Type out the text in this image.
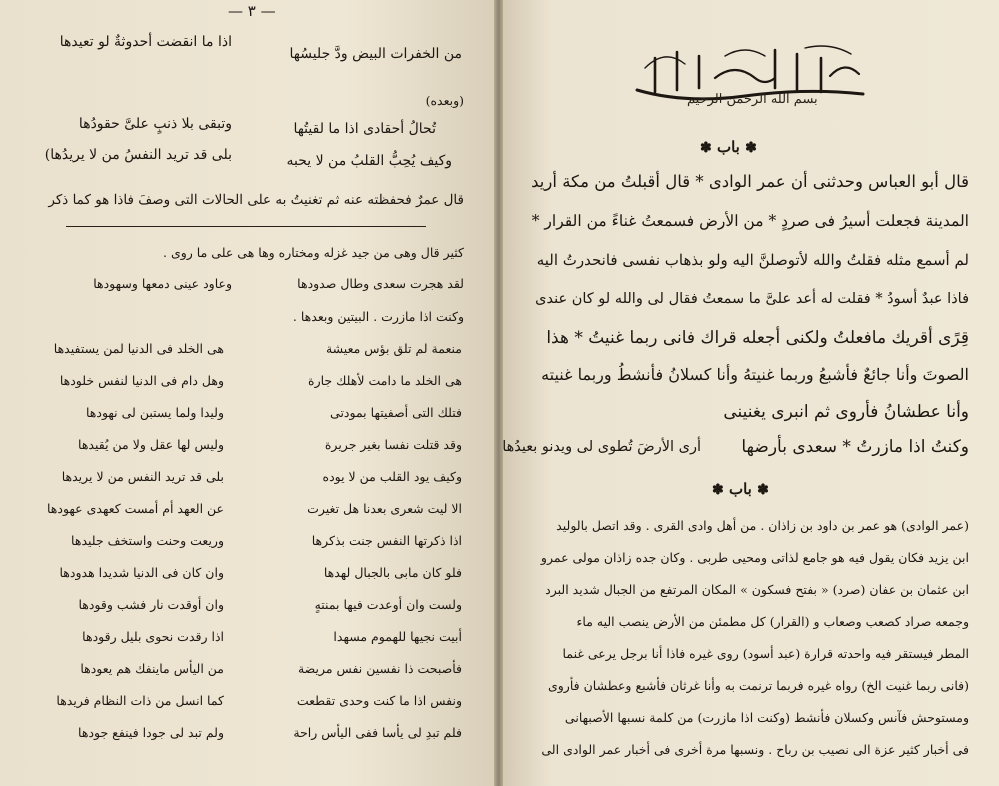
— ٣ —
من الخفرات البيض ودَّ جليسُها
اذا ما انقضت أحدوثةٌ لو تعيدها
(وبعده)
تُحالُ أحقادى اذا ما لقيتُها
وتبقى بلا ذنبٍ علىَّ حقودُها
وكيف يُحِبُّ القلبُ من لا يحبه
بلى قد تريد النفسُ من لا يريدُها)
قال عمرٌ فحفظته عنه ثم تغنيتُ به على الحالات التى وصفَ فاذا هو كما ذكر
كثير قال وهى من جيد غزله ومختاره وها هى على ما روى .
لقد هجرت سعدى وطال صدودها
وعاود عينى دمعها وسهودها
وكنت اذا مازرت . البيتين وبعدها .
منعمة لم تلق بؤس معيشة
هى الخلد ما دامت لأهلك جارة
فتلك التى أصفيتها بمودتى
وقد قتلت نفسا بغير جريرة
وكيف يود القلب من لا يوده
الا ليت شعرى بعدنا هل تغيرت
اذا ذكرتها النفس جنت بذكرها
فلو كان مابى بالجبال لهدها
ولست وان أوعدت فيها بمنتهٍ
أبيت نجيها للهموم مسهدا
فأصبحت ذا نفسين نفس مريضة
ونفس اذا ما كنت وحدى تقطعت
فلم تبدِ لى يأسا ففى اليأس راحة
هى الخلد فى الدنيا لمن يستفيدها
وهل دام فى الدنيا لنفس خلودها
وليدا ولما يستبن لى نهودها
وليس لها عقل ولا من يُقيدها
بلى قد تريد النفس من لا يريدها
عن العهد أم أمست كعهدى عهودها
وريعت وحنت واستخف جليدها
وان كان فى الدنيا شديدا هدودها
وان أوقدت نار فشب وقودها
اذا رقدت نحوى بليل رقودها
من اليأس ماينفك هم يعودها
كما انسل من ذات النظام فريدها
ولم تبد لى جودا فينفع جودها
بسم الله الرحمن الرحيم
✽ باب ✽
قال أبو العباس وحدثنى أن عمر الوادى * قال أقبلتُ من مكة أريد
المدينة فجعلت أسيرُ فى صردٍ * من الأرض فسمعتُ غناءً من القرار *
لم أسمع مثله فقلتُ والله لأتوصلنَّ اليه ولو بذهاب نفسى فانحدرتُ اليه
فاذا عبدٌ أسودُ * فقلت له أعد علىَّ ما سمعتُ فقال لى والله لو كان عندى
قِرًى أقريك مافعلتُ ولكنى أجعله قراك فانى ربما غنيتُ * هذا
الصوتَ وأنا جائعٌ فأشبعُ وربما غنيتهُ وأنا كسلانُ فأنشطُ وربما غنيته
وأنا عطشانُ فأروى ثم انبرى يغنينى
وكنتُ اذا مازرتُ * سعدى بأرضها
أرى الأرضَ تُطوى لى ويدنو بعيدُها
✽ باب ✽
(عمر الوادى) هو عمر بن داود بن زاذان . من أهل وادى القرى . وقد اتصل بالوليد
ابن يزيد فكان يقول فيه هو جامع لذاتى ومحيى طربى . وكان جده زاذان مولى عمرو
ابن عثمان بن عفان (صرد) « بفتح فسكون » المكان المرتفع من الجبال شديد البرد
وجمعه صراد كصعب وصعاب و (القرار) كل مطمئن من الأرض ينصب اليه ماء
المطر فيستقر فيه واحدته قرارة (عبد أسود) روى غيره فاذا أنا برجل يرعى غنما
(فانى ربما غنيت الخ) رواه غيره فربما ترنمت به وأنا غرثان فأشبع وعطشان فأروى
ومستوحش فآنس وكسلان فأنشط (وكنت اذا مازرت) من كلمة نسبها الأصبهانى
فى أخبار كثير عزة الى نصيب بن رباح . ونسبها مرة أخرى فى أخبار عمر الوادى الى
